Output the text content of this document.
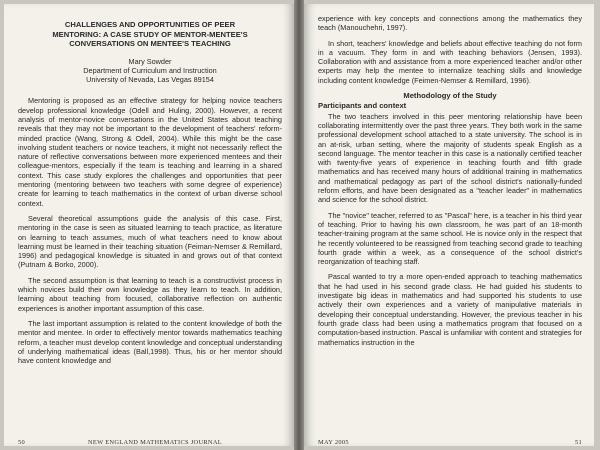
CHALLENGES AND OPPORTUNITIES OF PEER
MENTORING: A CASE STUDY OF MENTOR-MENTEE'S
CONVERSATIONS ON MENTEE'S TEACHING
Mary Sowder
Department of Curriculum and Instruction
University of Nevada, Las Vegas 89154

Mentoring is proposed as an effective strategy for helping novice teachers develop professional knowledge (Odell and Huling, 2000). However, a recent analysis of mentor-novice conversations in the United States about teaching reveals that they may not be important to the development of teachers' reform-minded practice (Wang, Strong & Odell, 2004). While this might be the case involving student teachers or novice teachers, it might not necessarily reflect the nature of reflective conversations between more experienced mentees and their colleague-mentors, especially if the team is teaching and learning in a shared context. This case study explores the challenges and opportunities that peer mentoring (mentoring between two teachers with some degree of experience) create for learning to teach mathematics in the context of urban diverse school context.

Several theoretical assumptions guide the analysis of this case. First, mentoring in the case is seen as situated learning to teach practice, as literature on learning to teach assumes, much of what teachers need to know about learning must be learned in their teaching situation (Feiman-Nemser & Remillard, 1996) and pedagogical knowledge is situated in and grows out of that context (Putnam & Borko, 2000).

The second assumption is that learning to teach is a constructivist process in which novices build their own knowledge as they learn to teach. In addition, learning about teaching from focused, collaborative reflection on authentic experiences is another important assumption of this case.

The last important assumption is related to the content knowledge of both the mentor and mentee. In order to effectively mentor towards mathematics teaching reform, a teacher must develop content knowledge and conceptual understanding of underlying mathematical ideas (Ball,1998). Thus, his or her mentor should have content knowledge and

50	NEW ENGLAND MATHEMATICS JOURNAL

experience with key concepts and connections among the mathematics they teach (Manouchehri, 1997).

In short, teachers' knowledge and beliefs about effective teaching do not form in a vacuum. They form in and with teaching behaviors (Jensen, 1993). Collaboration with and assistance from a more experienced teacher and/or other experts may help the mentee to internalize teaching skills and knowledge including content knowledge (Feimen-Nemser & Remillard, 1996).

Methodology of the Study
Participants and context

The two teachers involved in this peer mentoring relationship have been collaborating intermittently over the past three years. They both work in the same professional development school attached to a state university. The school is in an at-risk, urban setting, where the majority of students speak English as a second language. The mentor teacher in this case is a nationally certified teacher with twenty-five years of experience in teaching fourth and fifth grade mathematics and has received many hours of additional training in mathematics and mathematical pedagogy as part of the school district's nationally-funded reform efforts, and have been designated as a "teacher leader" in mathematics and science for the school district.

The "novice" teacher, referred to as "Pascal" here, is a teacher in his third year of teaching. Prior to having his own classroom, he was part of an 18-month teacher-training program at the same school. He is novice only in the respect that he recently volunteered to be reassigned from teaching second grade to teaching fourth grade within a week, as a consequence of the school district's reorganization of teaching staff.

Pascal wanted to try a more open-ended approach to teaching mathematics that he had used in his second grade class. He had guided his students to investigate big ideas in mathematics and had supported his students to use actively their own experiences and a variety of manipulative materials in developing their conceptual understanding. However, the previous teacher in his fourth grade class had been using a mathematics program that focused on a computation-based instruction. Pascal is unfamiliar with content and strategies for mathematics instruction in the

MAY 2005	51
